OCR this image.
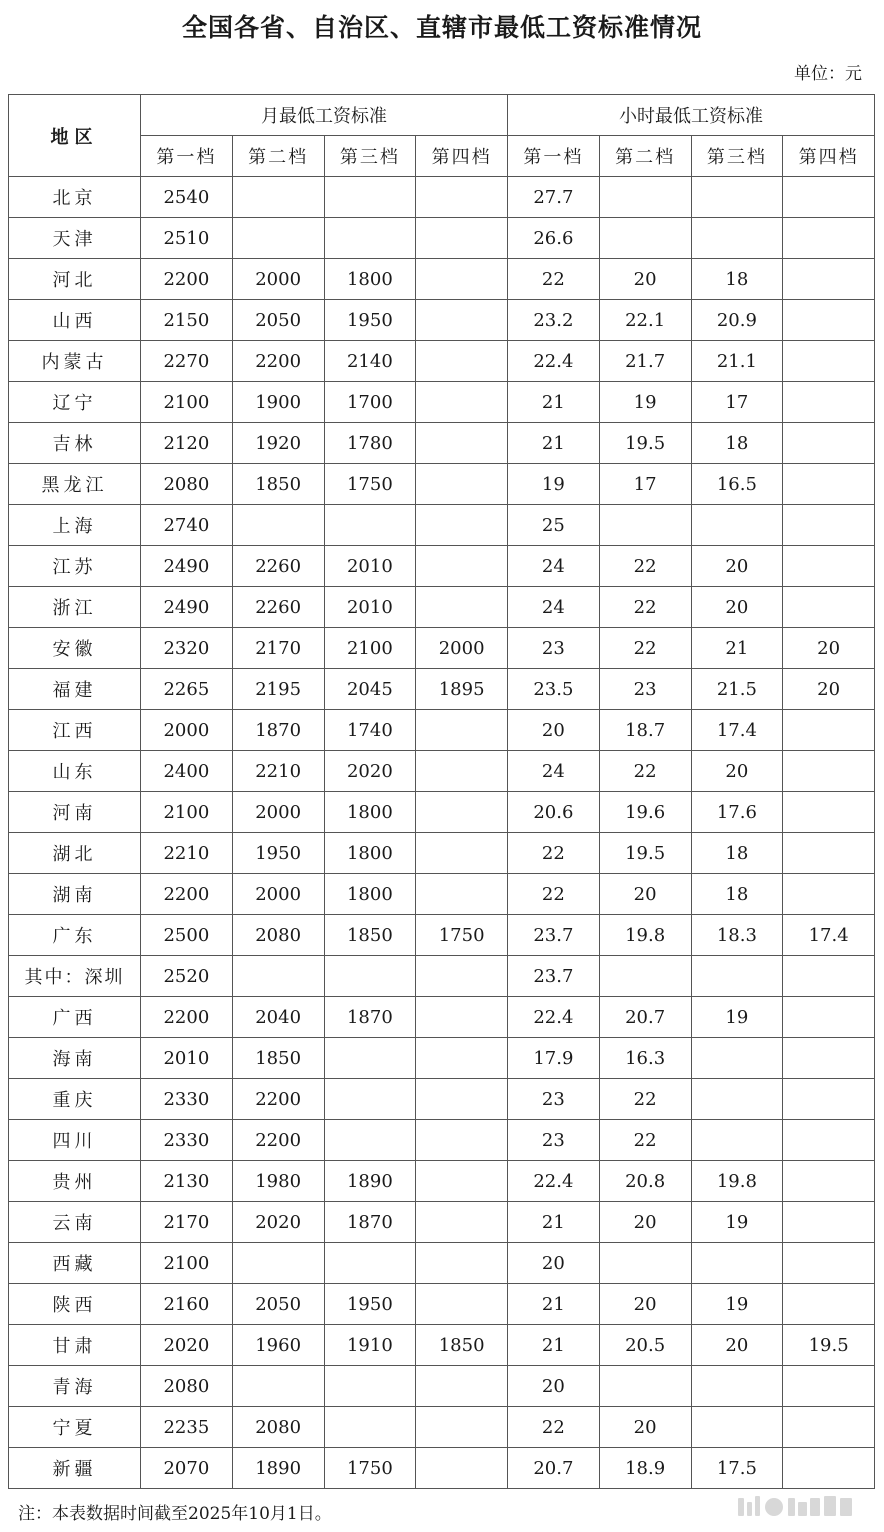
全国各省、自治区、直辖市最低工资标准情况
单位：元
地区	月最低工资标准				小时最低工资标准			
	第一档	第二档	第三档	第四档	第一档	第二档	第三档	第四档
北京	2540				27.7			
天津	2510				26.6			
河北	2200	2000	1800		22	20	18	
山西	2150	2050	1950		23.2	22.1	20.9	
内蒙古	2270	2200	2140		22.4	21.7	21.1	
辽宁	2100	1900	1700		21	19	17	
吉林	2120	1920	1780		21	19.5	18	
黑龙江	2080	1850	1750		19	17	16.5	
上海	2740				25			
江苏	2490	2260	2010		24	22	20	
浙江	2490	2260	2010		24	22	20	
安徽	2320	2170	2100	2000	23	22	21	20
福建	2265	2195	2045	1895	23.5	23	21.5	20
江西	2000	1870	1740		20	18.7	17.4	
山东	2400	2210	2020		24	22	20	
河南	2100	2000	1800		20.6	19.6	17.6	
湖北	2210	1950	1800		22	19.5	18	
湖南	2200	2000	1800		22	20	18	
广东	2500	2080	1850	1750	23.7	19.8	18.3	17.4
其中：深圳	2520				23.7			
广西	2200	2040	1870		22.4	20.7	19	
海南	2010	1850			17.9	16.3		
重庆	2330	2200			23	22		
四川	2330	2200			23	22		
贵州	2130	1980	1890		22.4	20.8	19.8	
云南	2170	2020	1870		21	20	19	
西藏	2100				20			
陕西	2160	2050	1950		21	20	19	
甘肃	2020	1960	1910	1850	21	20.5	20	19.5
青海	2080				20			
宁夏	2235	2080			22	20		
新疆	2070	1890	1750		20.7	18.9	17.5	
注：本表数据时间截至2025年10月1日。
